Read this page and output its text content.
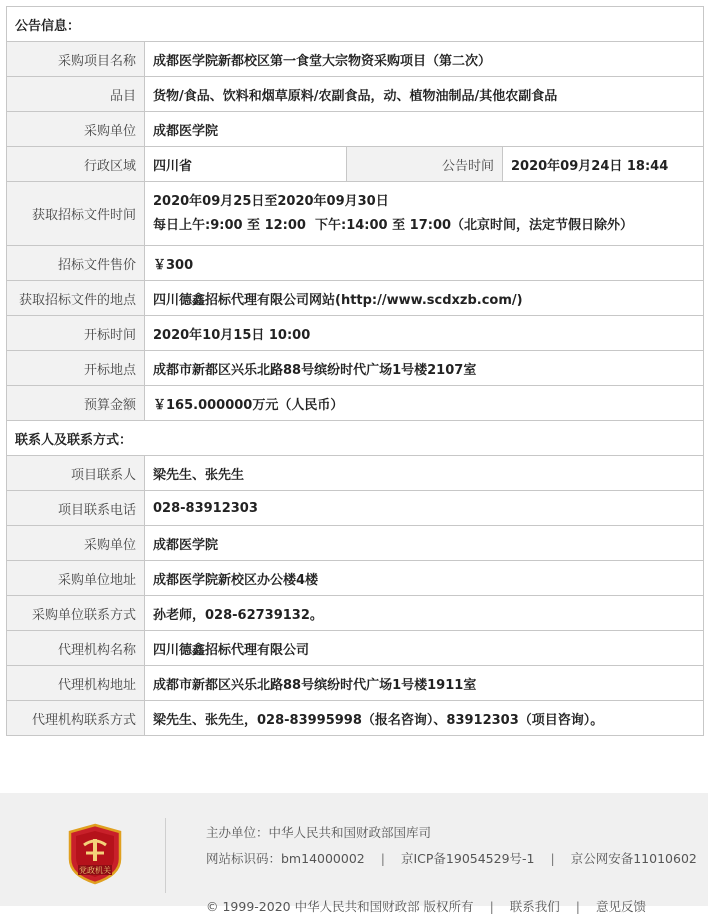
公告信息：			
采购项目名称	成都医学院新都校区第一食堂大宗物资采购项目（第二次）		
品目	货物/食品、饮料和烟草原料/农副食品，动、植物油制品/其他农副食品		
采购单位	成都医学院		
行政区域	四川省	公告时间	2020年09月24日 18:44
获取招标文件时间	2020年09月25日至2020年09月30日
每日上午:9:00 至 12:00  下午:14:00 至 17:00（北京时间，法定节假日除外）		

招标文件售价	￥300		
获取招标文件的地点	四川德鑫招标代理有限公司网站(http://www.scdxzb.com/)		
开标时间	2020年10月15日 10:00		
开标地点	成都市新都区兴乐北路88号缤纷时代广场1号楼2107室		
预算金额	￥165.000000万元（人民币）		
联系人及联系方式：			
项目联系人	梁先生、张先生		
项目联系电话	028-83912303		
采购单位	成都医学院		
采购单位地址	成都医学院新校区办公楼4楼		
采购单位联系方式	孙老师，028-62739132。		
代理机构名称	四川德鑫招标代理有限公司		
代理机构地址	成都市新都区兴乐北路88号缤纷时代广场1号楼1911室		
代理机构联系方式	梁先生、张先生，028-83995998（报名咨询）、83912303（项目咨询）。		
党政机关
主办单位：中华人民共和国财政部国库司
网站标识码：bm14000002 | 京ICP备19054529号-1 | 京公网安备11010602
© 1999-2020 中华人民共和国财政部 版权所有 | 联系我们 | 意见反馈
